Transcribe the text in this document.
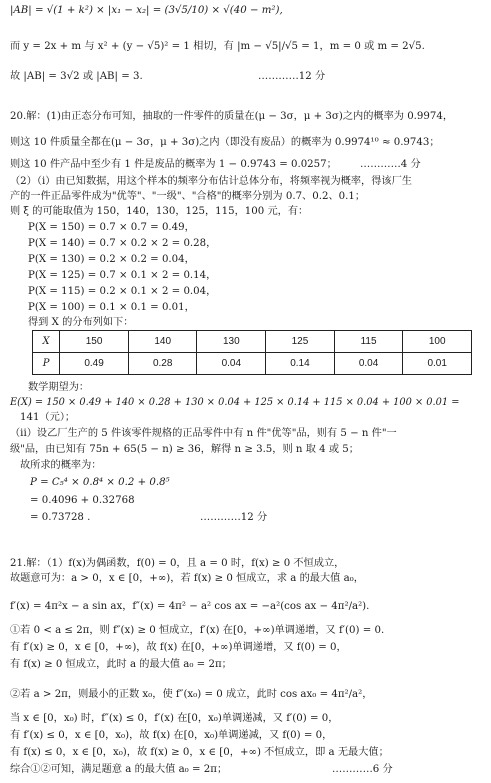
|AB| = √(1 + k²) × |x₁ − x₂| = (3√5/10) × √(40 − m²),
而 y = 2x + m 与 x² + (y − √5)² = 1 相切，有 |m − √5|/√5 = 1，m = 0 或 m = 2√5.
故 |AB| = 3√2 或 |AB| = 3.	…………12 分
20.解：(1)由正态分布可知，抽取的一件零件的质量在(μ − 3σ，μ + 3σ)之内的概率为 0.9974，
则这 10 件质量全都在(μ − 3σ，μ + 3σ)之内（即没有废品）的概率为 0.9974¹⁰ ≈ 0.9743；
则这 10 件产品中至少有 1 件是废品的概率为 1 − 0.9743 = 0.0257； …………4 分
（2）（i）由已知数据，用这个样本的频率分布估计总体分布，将频率视为概率，得该厂生
产的一件正品零件成为"优等"、"一级"、"合格"的概率分别为 0.7、0.2、0.1；
则 ξ 的可能取值为 150，140，130，125，115，100 元，有：
P(X = 150) = 0.7 × 0.7 = 0.49，
P(X = 140) = 0.7 × 0.2 × 2 = 0.28，
P(X = 130) = 0.2 × 0.2 = 0.04，
P(X = 125) = 0.7 × 0.1 × 2 = 0.14，
P(X = 115) = 0.2 × 0.1 × 2 = 0.04，
P(X = 100) = 0.1 × 0.1 = 0.01，
得到 X 的分布列如下：
X	150	140	130	125	115	100
P	0.49	0.28	0.04	0.14	0.04	0.01
数学期望为：
E(X) = 150 × 0.49 + 140 × 0.28 + 130 × 0.04 + 125 × 0.14 + 115 × 0.04 + 100 × 0.01 =
141（元）；
（ii）设乙厂生产的 5 件该零件规格的正品零件中有 n 件"优等"品，则有 5 − n 件"一
级"品，由已知有 75n + 65(5 − n) ≥ 36，解得 n ≥ 3.5，则 n 取 4 或 5；
故所求的概率为：
P = C₅⁴ × 0.8⁴ × 0.2 + 0.8⁵
= 0.4096 + 0.32768
= 0.73728 .	…………12 分
21.解：（1）f(x)为偶函数，f(0) = 0，且 a = 0 时，f(x) ≥ 0 不恒成立，
故题意可为：a > 0，x ∈ [0，+∞)，若 f(x) ≥ 0 恒成立，求 a 的最大值 a₀，
f′(x) = 4π²x − a sin ax，f″(x) = 4π² − a² cos ax = −a²(cos ax − 4π²/a²).
①若 0 < a ≤ 2π，则 f″(x) ≥ 0 恒成立，f′(x) 在[0，+∞)单调递增，又 f′(0) = 0.
有 f′(x) ≥ 0，x ∈ [0，+∞)，故 f(x) 在[0，+∞)单调递增，又 f(0) = 0，
有 f(x) ≥ 0 恒成立，此时 a 的最大值 a₀ = 2π；
②若 a > 2π，则最小的正数 x₀，使 f″(x₀) = 0 成立，此时 cos ax₀ = 4π²/a²，
当 x ∈ [0，x₀) 时，f″(x) ≤ 0，f′(x) 在[0，x₀)单调递减，又 f′(0) = 0，
有 f′(x) ≤ 0，x ∈ [0，x₀)，故 f(x) 在[0，x₀)单调递减，又 f(0) = 0，
有 f(x) ≤ 0，x ∈ [0，x₀)，故 f(x) ≥ 0，x ∈ [0，+∞) 不恒成立，即 a 无最大值；
综合①②可知，满足题意 a 的最大值 a₀ = 2π；	…………6 分
